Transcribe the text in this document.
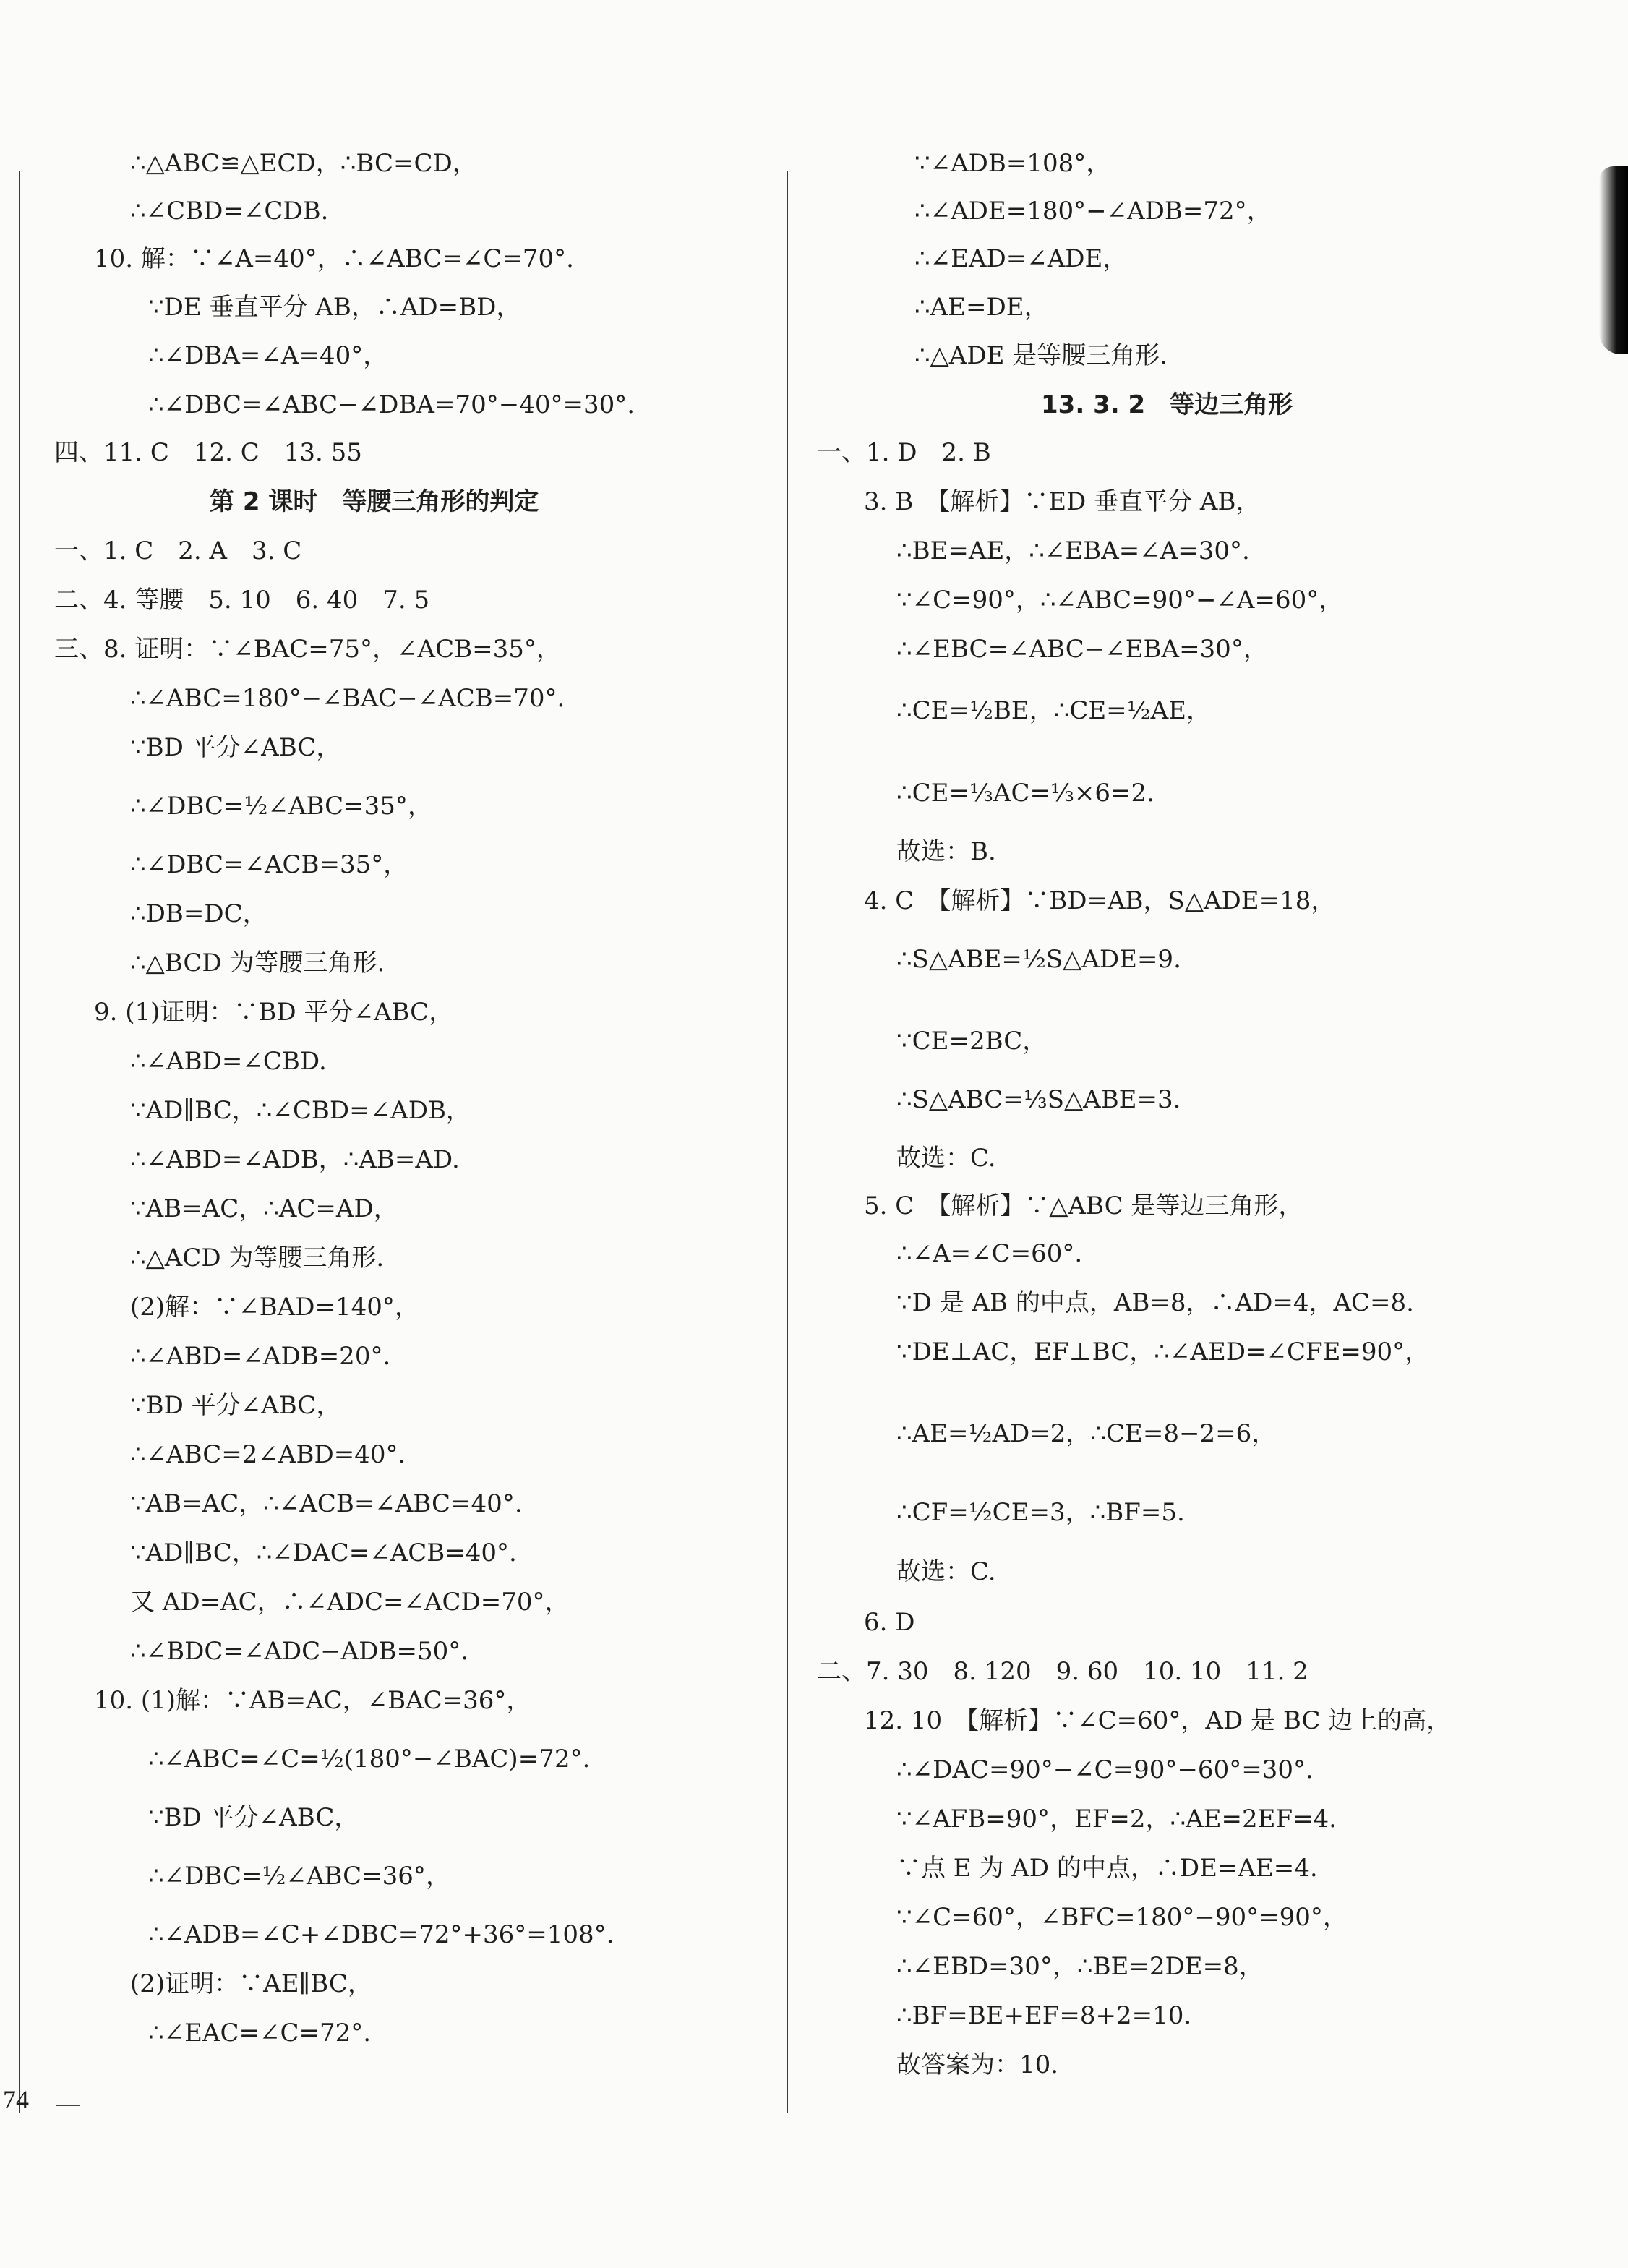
∴△ABC≌△ECD，∴BC=CD，
∴∠CBD=∠CDB.
10. 解：∵∠A=40°，∴∠ABC=∠C=70°.
∵DE 垂直平分 AB，∴AD=BD，
∴∠DBA=∠A=40°，
∴∠DBC=∠ABC−∠DBA=70°−40°=30°.
四、11. C　12. C　13. 55
第 2 课时　等腰三角形的判定
一、1. C　2. A　3. C
二、4. 等腰　5. 10　6. 40　7. 5
三、8. 证明：∵∠BAC=75°，∠ACB=35°，
∴∠ABC=180°−∠BAC−∠ACB=70°.
∵BD 平分∠ABC，
∴∠DBC=½∠ABC=35°，
∴∠DBC=∠ACB=35°，
∴DB=DC，
∴△BCD 为等腰三角形.
9. (1)证明：∵BD 平分∠ABC，
∴∠ABD=∠CBD.
∵AD∥BC，∴∠CBD=∠ADB，
∴∠ABD=∠ADB，∴AB=AD.
∵AB=AC，∴AC=AD，
∴△ACD 为等腰三角形.
(2)解：∵∠BAD=140°，
∴∠ABD=∠ADB=20°.
∵BD 平分∠ABC，
∴∠ABC=2∠ABD=40°.
∵AB=AC，∴∠ACB=∠ABC=40°.
∵AD∥BC，∴∠DAC=∠ACB=40°.
又 AD=AC，∴∠ADC=∠ACD=70°，
∴∠BDC=∠ADC−ADB=50°.
10. (1)解：∵AB=AC，∠BAC=36°，
∴∠ABC=∠C=½(180°−∠BAC)=72°.
∵BD 平分∠ABC，
∴∠DBC=½∠ABC=36°，
∴∠ADB=∠C+∠DBC=72°+36°=108°.
(2)证明：∵AE∥BC，
∴∠EAC=∠C=72°.
∵∠ADB=108°，
∴∠ADE=180°−∠ADB=72°，
∴∠EAD=∠ADE，
∴AE=DE，
∴△ADE 是等腰三角形.
13. 3. 2　等边三角形
一、1. D　2. B
3. B　【解析】∵ED 垂直平分 AB，
∴BE=AE，∴∠EBA=∠A=30°.
∵∠C=90°，∴∠ABC=90°−∠A=60°，
∴∠EBC=∠ABC−∠EBA=30°，
∴CE=½BE，∴CE=½AE，
∴CE=⅓AC=⅓×6=2.
故选：B.
4. C　【解析】∵BD=AB，S△ADE=18，
∴S△ABE=½S△ADE=9.
∵CE=2BC，
∴S△ABC=⅓S△ABE=3.
故选：C.
5. C　【解析】∵△ABC 是等边三角形，
∴∠A=∠C=60°.
∵D 是 AB 的中点，AB=8，∴AD=4，AC=8.
∵DE⊥AC，EF⊥BC，∴∠AED=∠CFE=90°，
∴AE=½AD=2，∴CE=8−2=6，
∴CF=½CE=3，∴BF=5.
故选：C.
6. D
二、7. 30　8. 120　9. 60　10. 10　11. 2
12. 10　【解析】∵∠C=60°，AD 是 BC 边上的高，
∴∠DAC=90°−∠C=90°−60°=30°.
∵∠AFB=90°，EF=2，∴AE=2EF=4.
∵点 E 为 AD 的中点，∴DE=AE=4.
∵∠C=60°，∠BFC=180°−90°=90°，
∴∠EBD=30°，∴BE=2DE=8，
∴BF=BE+EF=8+2=10.
故答案为：10.
74
